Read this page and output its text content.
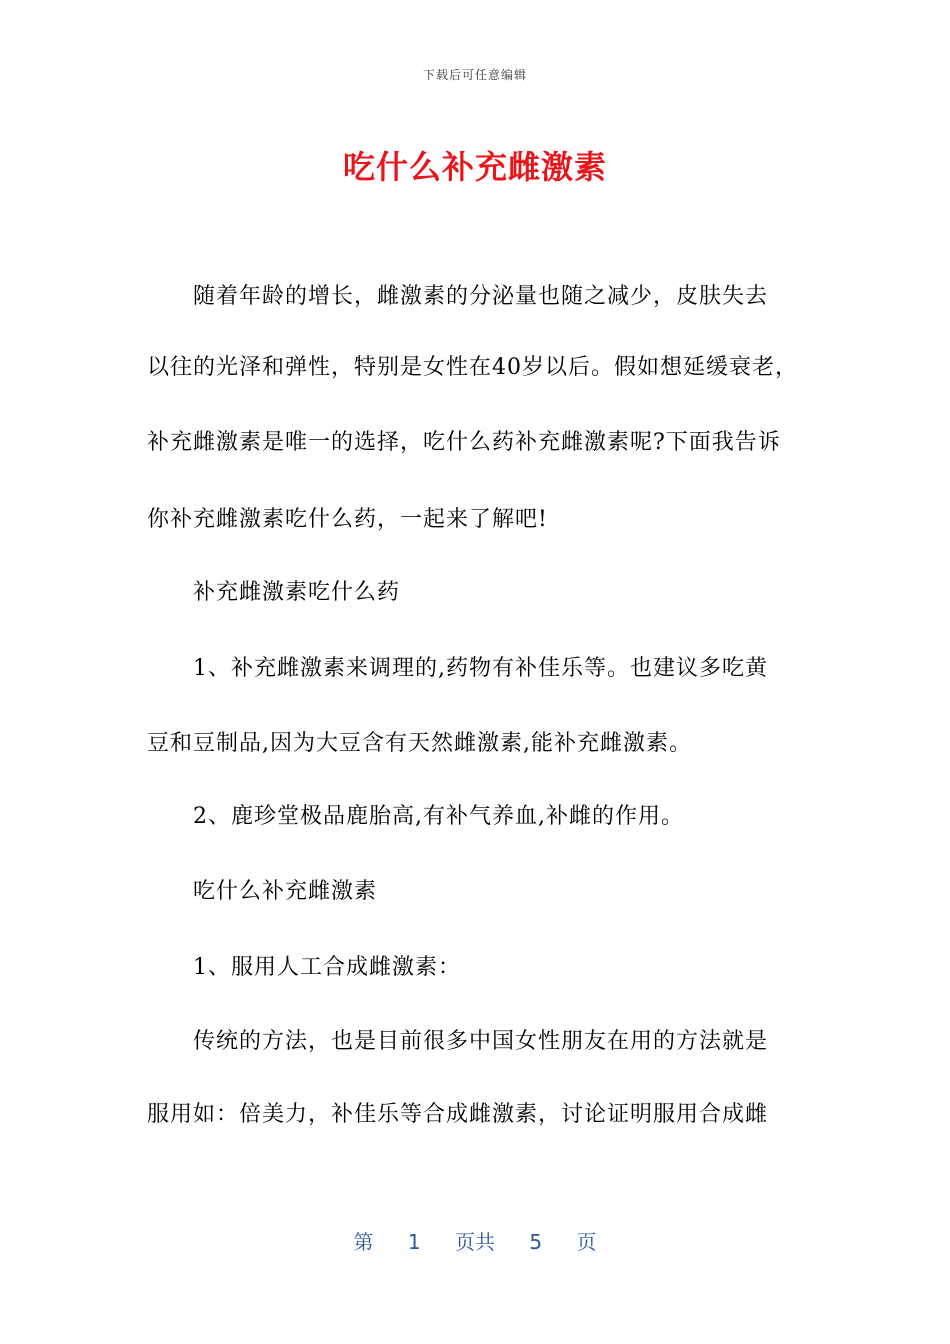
下载后可任意编辑
吃什么补充雌激素
随着年龄的增长，雌激素的分泌量也随之减少，皮肤失去
以往的光泽和弹性，特别是女性在40岁以后。假如想延缓衰老，
补充雌激素是唯一的选择，吃什么药补充雌激素呢?下面我告诉
你补充雌激素吃什么药，一起来了解吧!
补充雌激素吃什么药
1、补充雌激素来调理的,药物有补佳乐等。也建议多吃黄
豆和豆制品,因为大豆含有天然雌激素,能补充雌激素。
2、鹿珍堂极品鹿胎高,有补气养血,补雌的作用。
吃什么补充雌激素
1、服用人工合成雌激素：
传统的方法，也是目前很多中国女性朋友在用的方法就是
服用如：倍美力，补佳乐等合成雌激素，讨论证明服用合成雌
第 1 页共 5 页
